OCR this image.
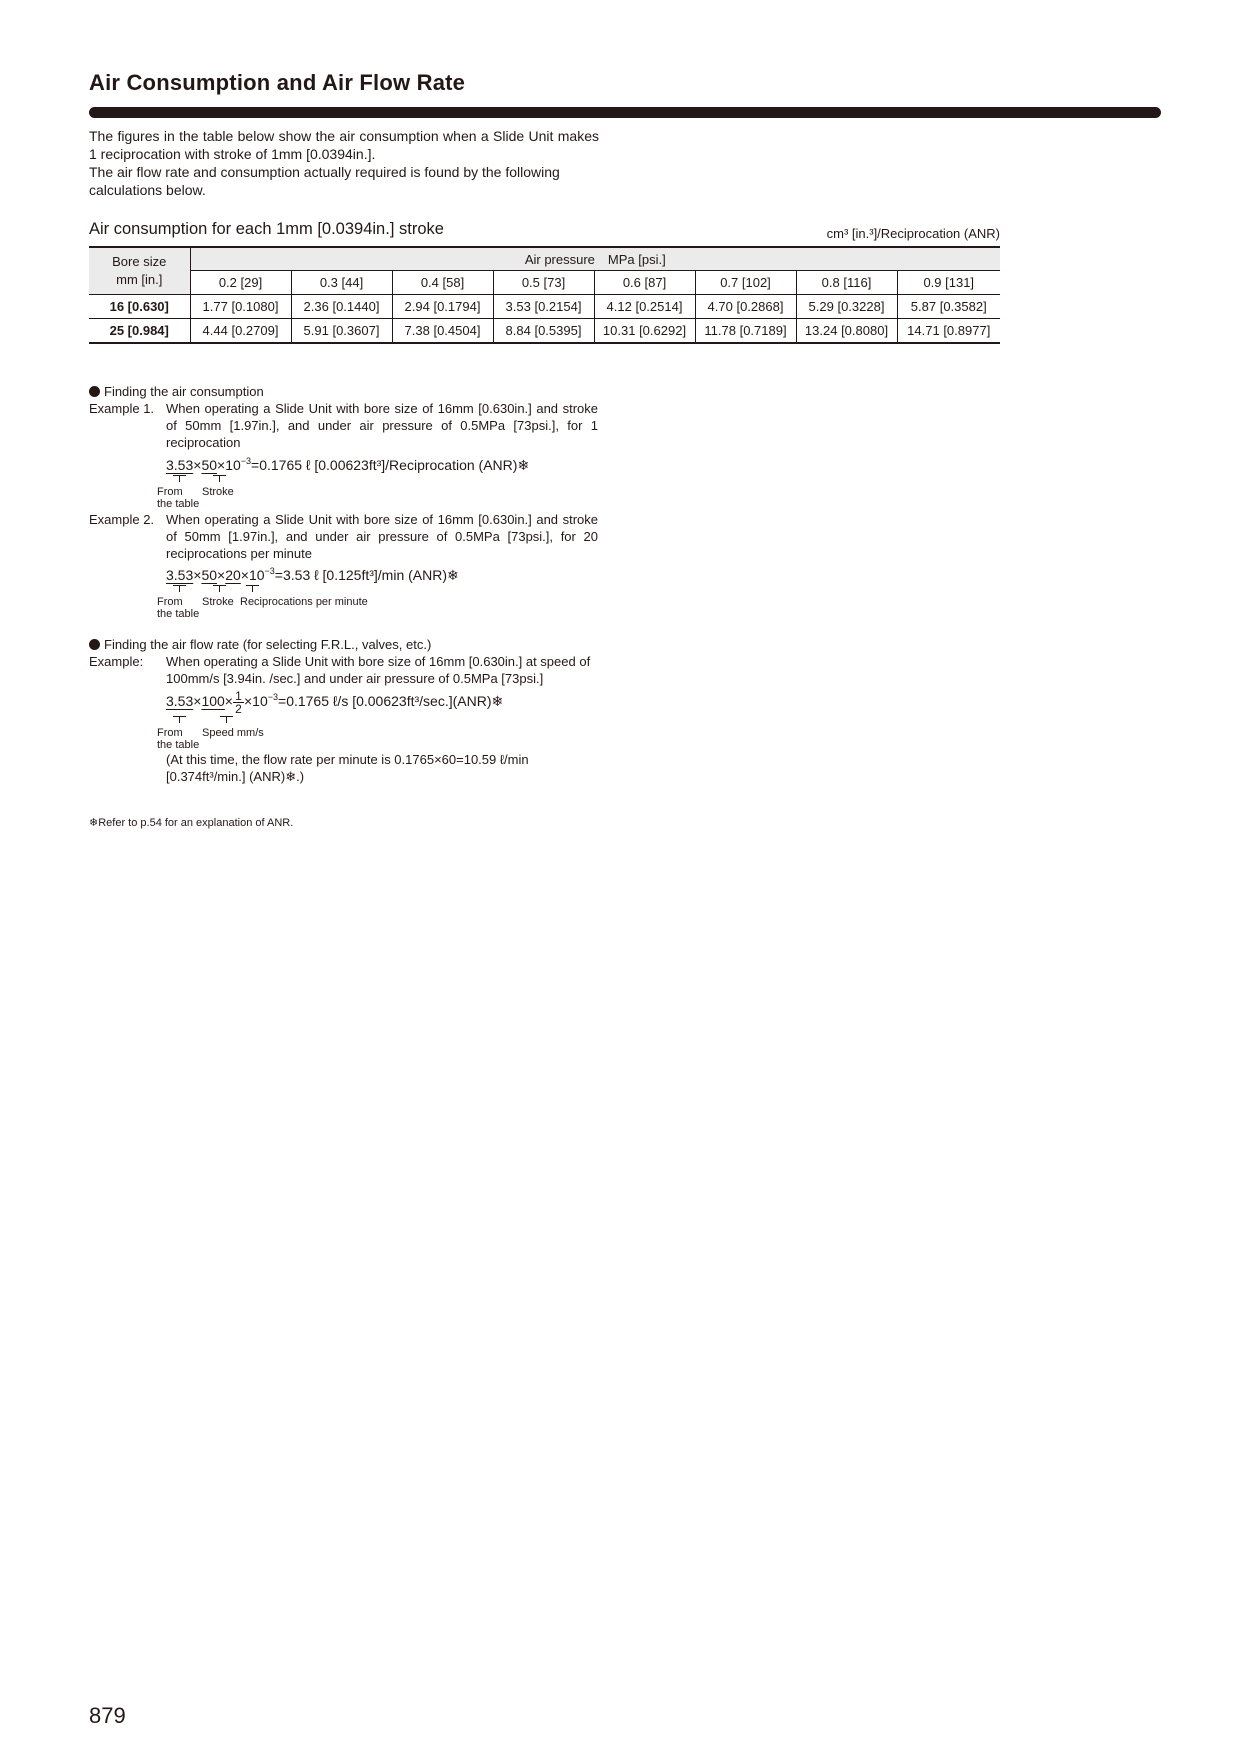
Air Consumption and Air Flow Rate
The figures in the table below show the air consumption when a Slide Unit makes 1 reciprocation with stroke of 1mm [0.0394in.].
The air flow rate and consumption actually required is found by the following calculations below.
Air consumption for each 1mm [0.0394in.] stroke	cm³ [in.³]/Reciprocation (ANR)
Bore size
mm [in.]	Air pressure MPa [psi.]							
	0.2 [29]	0.3 [44]	0.4 [58]	0.5 [73]	0.6 [87]	0.7 [102]	0.8 [116]	0.9 [131]
16 [0.630]	1.77 [0.1080]	2.36 [0.1440]	2.94 [0.1794]	3.53 [0.2154]	4.12 [0.2514]	4.70 [0.2868]	5.29 [0.3228]	5.87 [0.3582]
25 [0.984]	4.44 [0.2709]	5.91 [0.3607]	7.38 [0.4504]	8.84 [0.5395]	10.31 [0.6292]	11.78 [0.7189]	13.24 [0.8080]	14.71 [0.8977]
Finding the air consumption
Example 1. When operating a Slide Unit with bore size of 16mm [0.630in.] and stroke of 50mm [1.97in.], and under air pressure of 0.5MPa [73psi.], for 1 reciprocation
$3.53\times 50\times 10^{-3}=0.1765$ ℓ [0.00623ft³]/Reciprocation (ANR)❄
From
the table
Stroke
Example 2. When operating a Slide Unit with bore size of 16mm [0.630in.] and stroke of 50mm [1.97in.], and under air pressure of 0.5MPa [73psi.], for 20 reciprocations per minute
$3.53\times 50\times 20\times 10^{-3}=3.53$ ℓ [0.125ft³]/min (ANR)❄
From
the table
Stroke Reciprocations per minute
Finding the air flow rate (for selecting F.R.L., valves, etc.)
Example: When operating a Slide Unit with bore size of 16mm [0.630in.] at speed of 100mm/s [3.94in. /sec.] and under air pressure of 0.5MPa [73psi.]
$3.53\times 100\times \frac{1}{2} \times 10^{-3}=0.1765$ ℓ/s [0.00623ft³/sec.](ANR)❄
From
the table
Speed mm/s
(At this time, the flow rate per minute is 0.1765×60=10.59 ℓ/min
[0.374ft³/min.] (ANR)❄.)
❄Refer to p.54 for an explanation of ANR.
879
